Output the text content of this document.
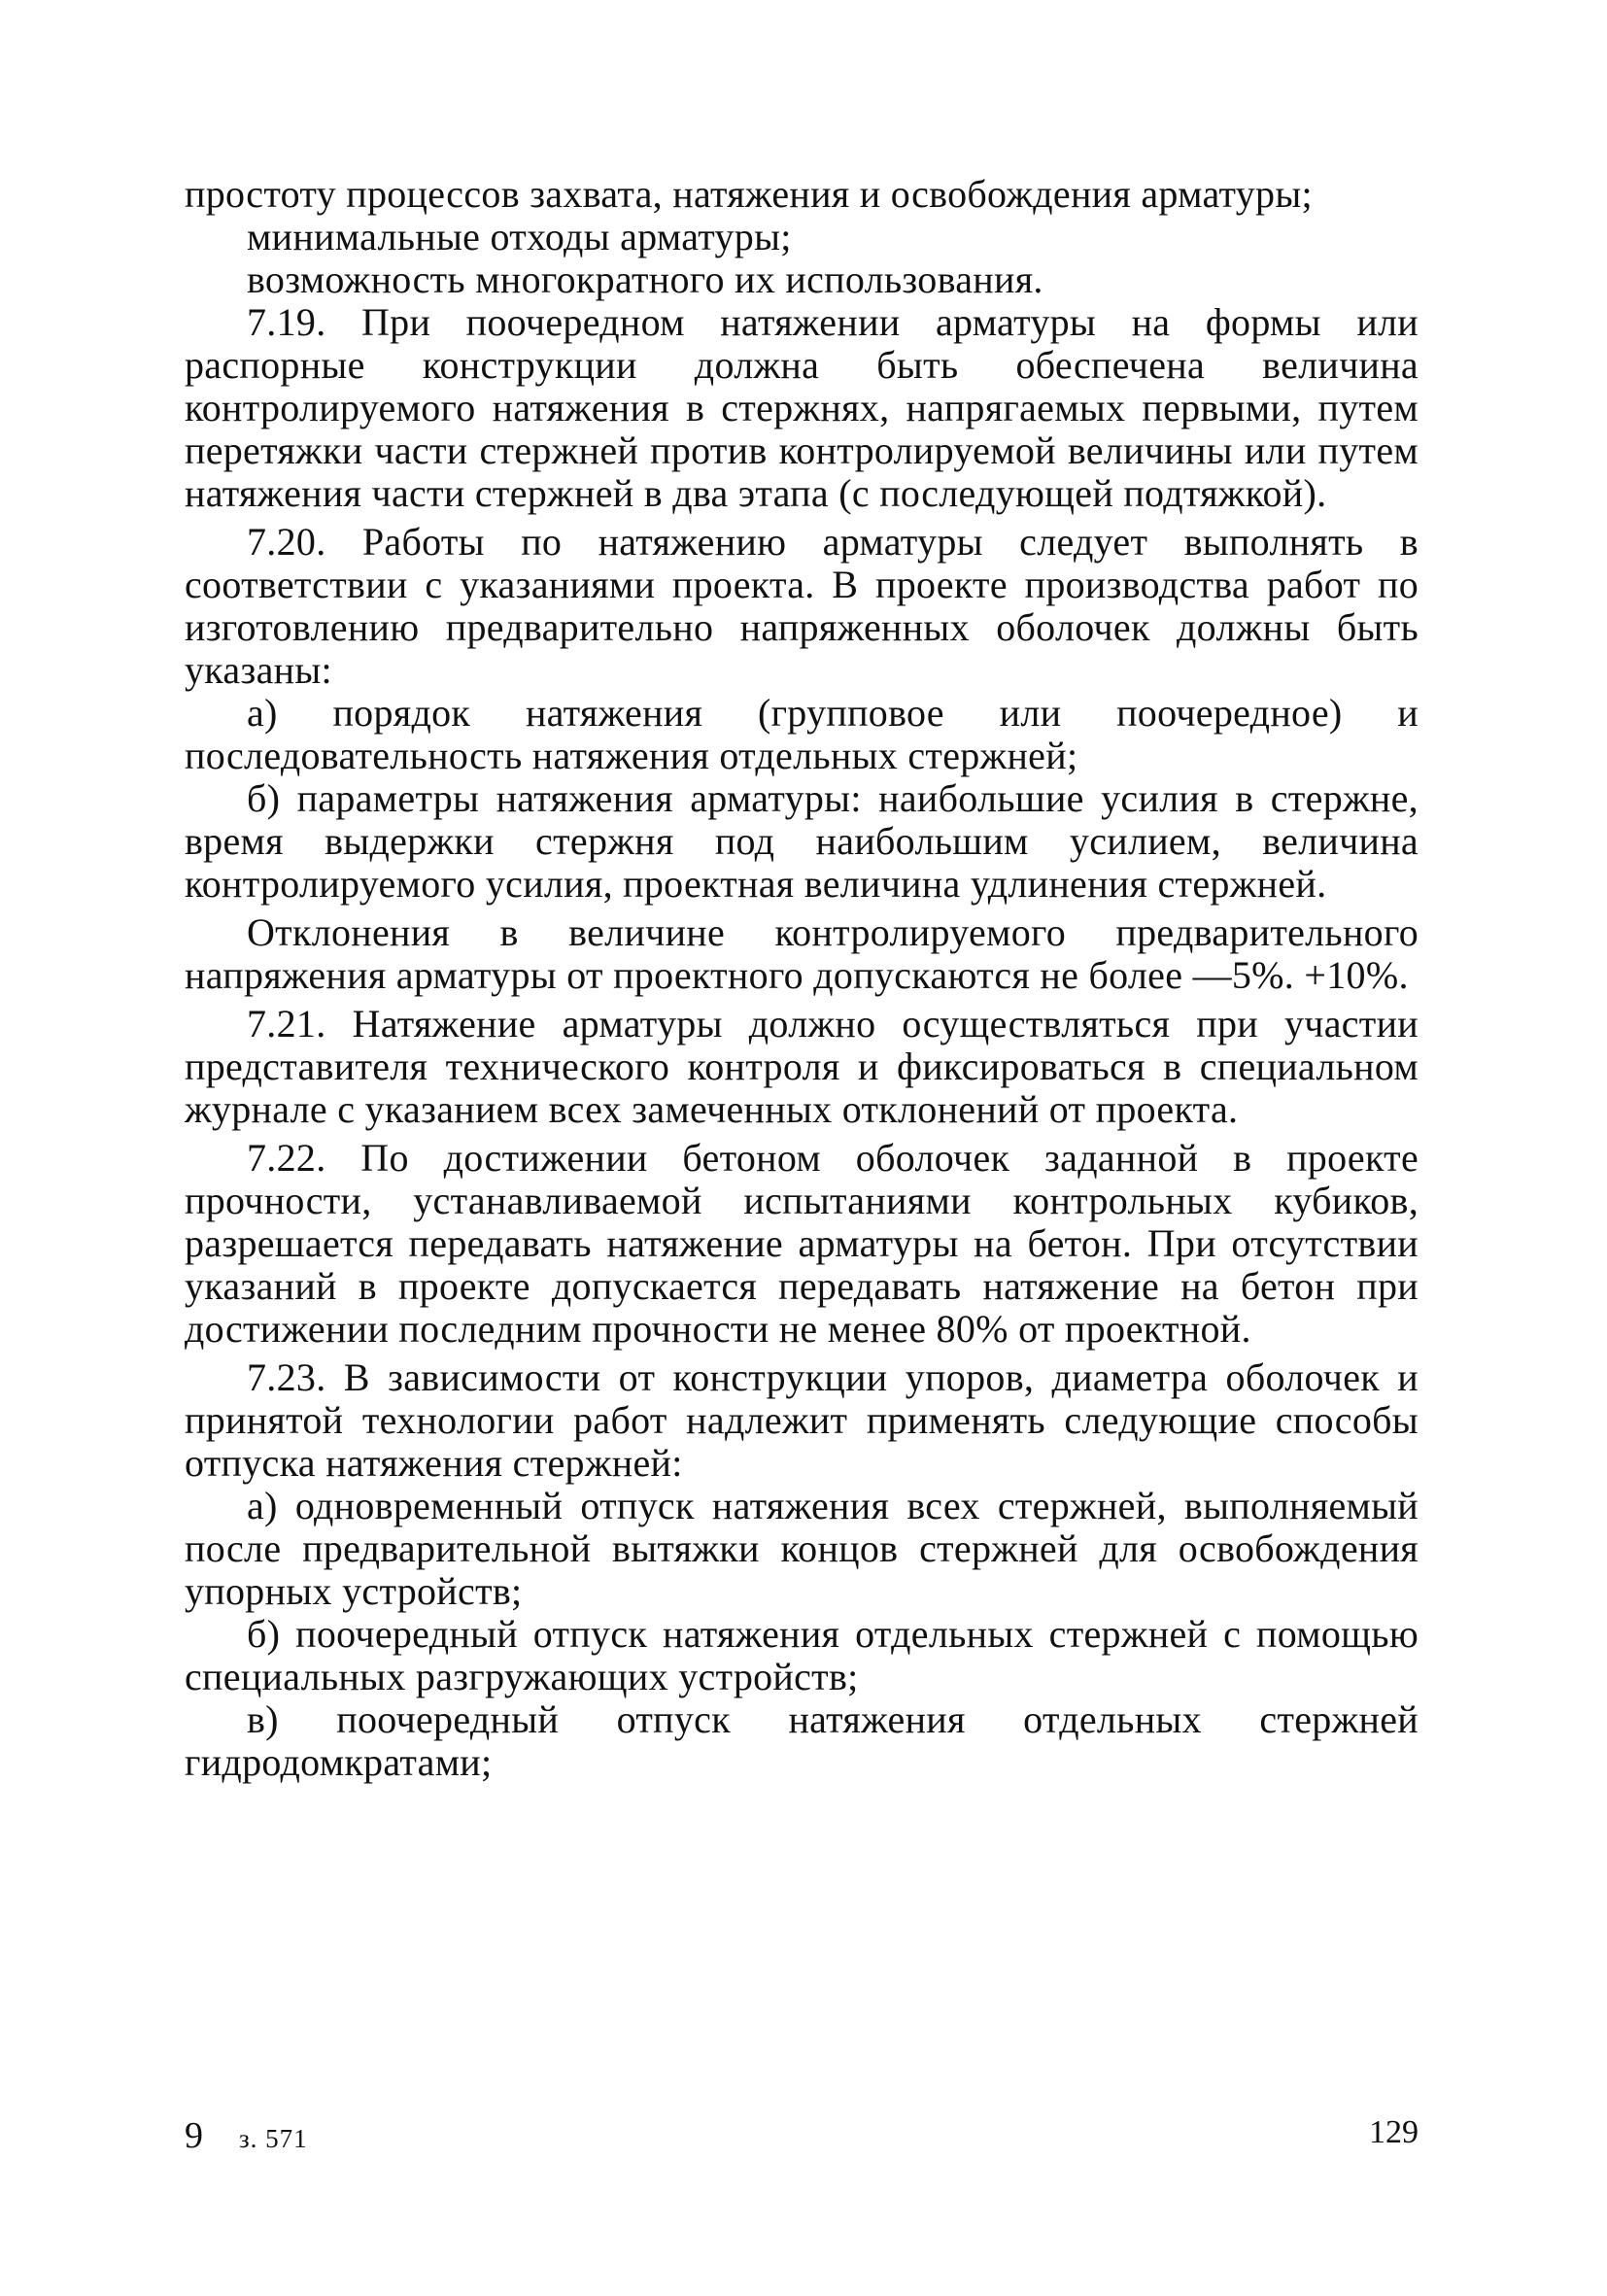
простоту процессов захвата, натяжения и освобождения арматуры;

минимальные отходы арматуры;

возможность многократного их использования.

7.19. При поочередном натяжении арматуры на формы или распорные конструкции должна быть обеспечена величина контролируемого натяжения в стержнях, напрягаемых первыми, путем перетяжки части стержней против контролируемой величины или путем натяжения части стержней в два этапа (с последующей подтяжкой).

7.20. Работы по натяжению арматуры следует выполнять в соответствии с указаниями проекта. В проекте производства работ по изготовлению предварительно напряженных оболочек должны быть указаны:

а) порядок натяжения (групповое или поочередное) и последовательность натяжения отдельных стержней;

б) параметры натяжения арматуры: наибольшие усилия в стержне, время выдержки стержня под наибольшим усилием, величина контролируемого усилия, проектная величина удлинения стержней.

Отклонения в величине контролируемого предварительного напряжения арматуры от проектного допускаются не более —5%. +10%.

7.21. Натяжение арматуры должно осуществляться при участии представителя технического контроля и фиксироваться в специальном журнале с указанием всех замеченных отклонений от проекта.

7.22. По достижении бетоном оболочек заданной в проекте прочности, устанавливаемой испытаниями контрольных кубиков, разрешается передавать натяжение арматуры на бетон. При отсутствии указаний в проекте допускается передавать натяжение на бетон при достижении последним прочности не менее 80% от проектной.

7.23. В зависимости от конструкции упоров, диаметра оболочек и принятой технологии работ надлежит применять следующие способы отпуска натяжения стержней:

а) одновременный отпуск натяжения всех стержней, выполняемый после предварительной вытяжки концов стержней для освобождения упорных устройств;

б) поочередный отпуск натяжения отдельных стержней с помощью специальных разгружающих устройств;

в) поочередный отпуск натяжения отдельных стержней гидродомкратами;

9 з. 571	129
